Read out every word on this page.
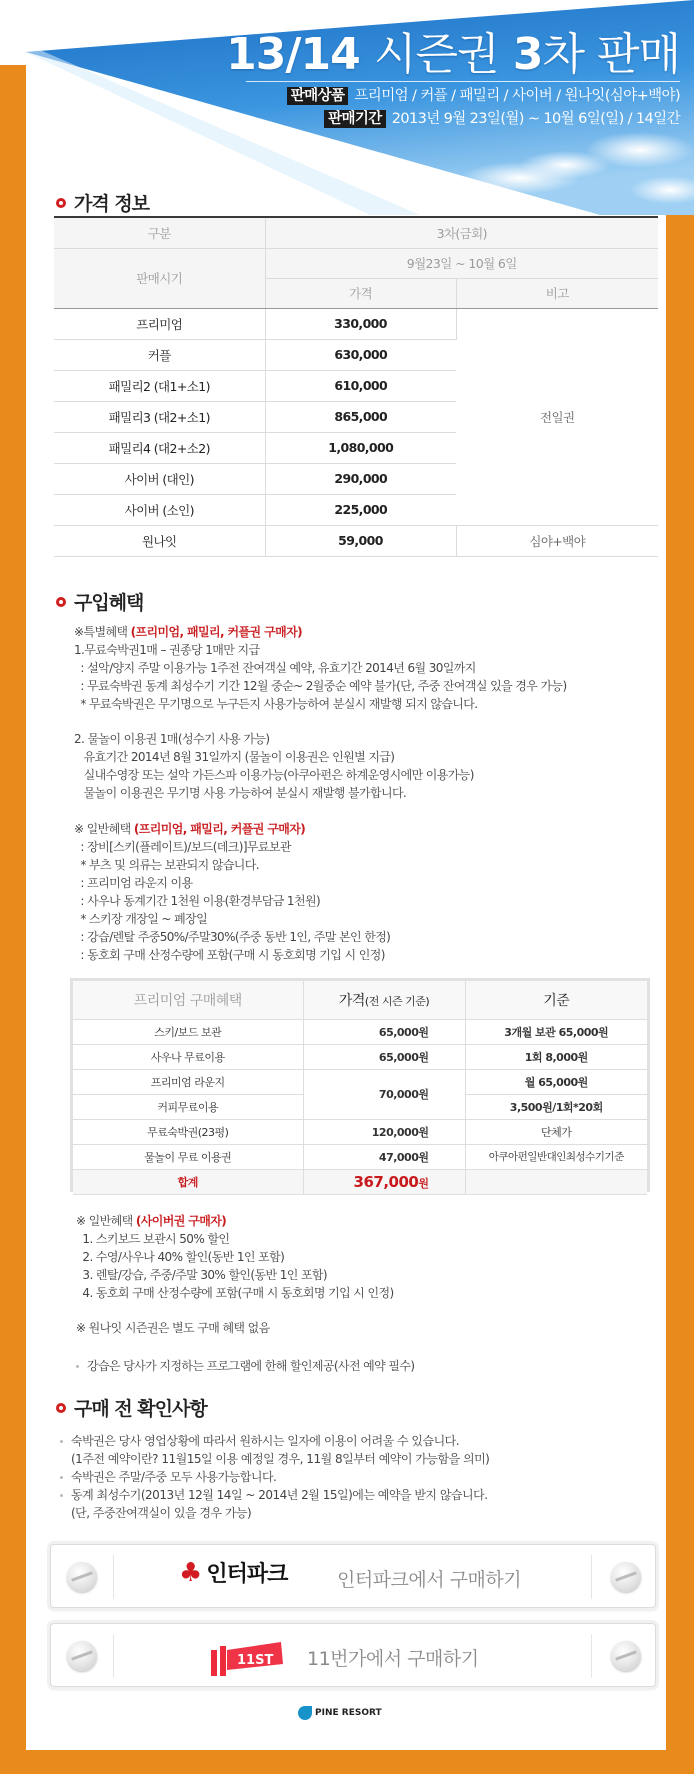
13/14 시즌권 3차 판매
판매상품 프리미엄 / 커플 / 패밀리 / 사이버 / 원나잇(심야+백야)
판매기간 2013년 9월 23일(월) ~ 10월 6일(일) / 14일간
가격 정보
구분	3차(금회)	
판매시기	9월23일 ~ 10월 6일	
	가격	비고
프리미엄	330,000	전일권
커플	630,000	
패밀리2 (대1+소1)	610,000	
패밀리3 (대2+소1)	865,000	
패밀리4 (대2+소2)	1,080,000	
사이버 (대인)	290,000	
사이버 (소인)	225,000	
원나잇	59,000	심야+백야
구입혜택
※특별혜택 (프리미엄, 패밀리, 커플권 구매자)
1.무료숙박권1매 – 권종당 1매만 지급
: 설악/양지 주말 이용가능 1주전 잔여객실 예약, 유효기간 2014년 6월 30일까지
: 무료숙박권 동계 최성수기 기간 12월 중순~ 2월중순 예약 불가(단, 주중 잔여객실 있을 경우 가능)
* 무료숙박권은 무기명으로 누구든지 사용가능하여 분실시 재발행 되지 않습니다.
2. 물놀이 이용권 1매(성수기 사용 가능)
유효기간 2014년 8월 31일까지 (물놀이 이용권은 인원별 지급)
실내수영장 또는 설악 가든스파 이용가능(아쿠아펀은 하계운영시에만 이용가능)
물놀이 이용권은 무기명 사용 가능하여 분실시 재발행 불가합니다.
※ 일반혜택 (프리미엄, 패밀리, 커플권 구매자)
: 장비[스키(플레이트)/보드(데크)]무료보관
* 부츠 및 의류는 보관되지 않습니다.
: 프리미엄 라운지 이용
: 사우나 동계기간 1천원 이용(환경부담금 1천원)
* 스키장 개장일 ~ 폐장일
: 강습/렌탈 주중50%/주말30%(주중 동반 1인, 주말 본인 한정)
: 동호회 구매 산정수량에 포함(구매 시 동호회명 기입 시 인정)
프리미엄 구매혜택	가격(전 시즌 기준)	기준
스키/보드 보관	65,000원	3개월 보관 65,000원
사우나 무료이용	65,000원	1회 8,000원
프리미엄 라운지	70,000원	월 65,000원
커피무료이용		3,500원/1회*20회
무료숙박권(23평)	120,000원	단체가
물놀이 무료 이용권	47,000원	아쿠아펀일반대인최성수기기준
합계	367,000원	
※ 일반혜택 (사이버권 구매자)
1. 스키보드 보관시 50% 할인
2. 수영/사우나 40% 할인(동반 1인 포함)
3. 렌탈/강습, 주중/주말 30% 할인(동반 1인 포함)
4. 동호회 구매 산정수량에 포함(구매 시 동호회명 기입 시 인정)
※ 원나잇 시즌권은 별도 구매 혜택 없음
강습은 당사가 지정하는 프로그램에 한해 할인제공(사전 예약 필수)
구매 전 확인사항
숙박권은 당사 영업상황에 따라서 원하시는 일자에 이용이 어려울 수 있습니다.
(1주전 예약이란? 11월15일 이용 예정일 경우, 11월 8일부터 예약이 가능함을 의미)
숙박권은 주말/주중 모두 사용가능합니다.
동계 최성수기(2013년 12월 14일 ~ 2014년 2월 15일)에는 예약을 받지 않습니다.
(단, 주중잔여객실이 있을 경우 가능)
♣ 인터파크	인터파크에서 구매하기
11ST 11번가에서 구매하기
PINE RESORT
